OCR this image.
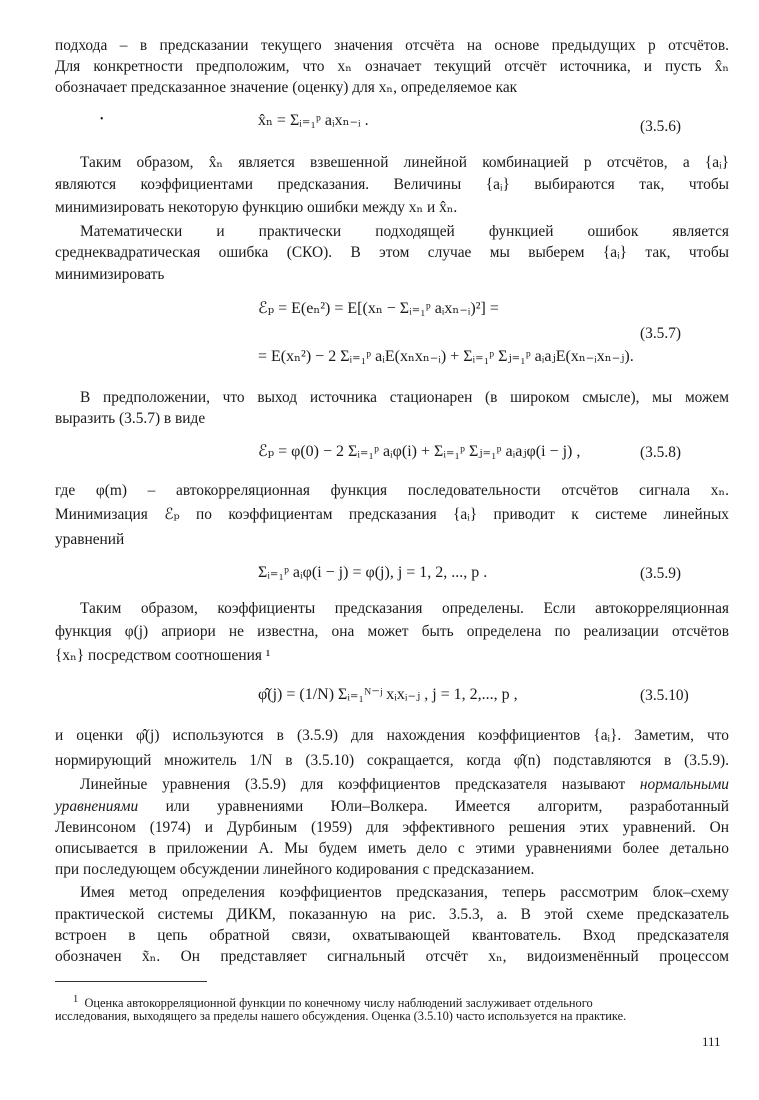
подхода – в предсказании текущего значения отсчёта на основе предыдущих p отсчётов.
Для конкретности предположим, что xₙ означает текущий отсчёт источника, и пусть x̂ₙ
обозначает предсказанное значение (оценку) для xₙ, определяемое как
•	x̂ₙ = Σᵢ₌₁ᵖ aᵢxₙ₋ᵢ .	(3.5.6)
Таким образом, x̂ₙ является взвешенной линейной комбинацией p отсчётов, а {aᵢ}
являются коэффициентами предсказания. Величины {aᵢ} выбираются так, чтобы
минимизировать некоторую функцию ошибки между xₙ и x̂ₙ.
Математически и практически подходящей функцией ошибок является
среднеквадратическая ошибка (СКО). В этом случае мы выберем {aᵢ} так, чтобы
минимизировать
ℰₚ = E(eₙ²) = E[(xₙ − Σᵢ₌₁ᵖ aᵢxₙ₋ᵢ)²] =
= E(xₙ²) − 2 Σᵢ₌₁ᵖ aᵢE(xₙxₙ₋ᵢ) + Σᵢ₌₁ᵖ Σⱼ₌₁ᵖ aᵢaⱼE(xₙ₋ᵢxₙ₋ⱼ).
(3.5.7)
В предположении, что выход источника стационарен (в широком смысле), мы можем
выразить (3.5.7) в виде
ℰₚ = φ(0) − 2 Σᵢ₌₁ᵖ aᵢφ(i) + Σᵢ₌₁ᵖ Σⱼ₌₁ᵖ aᵢaⱼφ(i − j) ,	(3.5.8)
где φ(m) – автокорреляционная функция последовательности отсчётов сигнала xₙ.
Минимизация ℰₚ по коэффициентам предсказания {aᵢ} приводит к системе линейных
уравнений
Σᵢ₌₁ᵖ aᵢφ(i − j) = φ(j), j = 1, 2, ..., p .	(3.5.9)
Таким образом, коэффициенты предсказания определены. Если автокорреляционная
функция φ(j) априори не известна, она может быть определена по реализации отсчётов
{xₙ} посредством соотношения ¹
φ̂(j) = (1/N) Σᵢ₌₁ᴺ⁻ʲ xᵢxᵢ₋ⱼ , j = 1, 2,..., p ,	(3.5.10)
и оценки φ̂(j) используются в (3.5.9) для нахождения коэффициентов {aᵢ}. Заметим, что
нормирующий множитель 1/N в (3.5.10) сокращается, когда φ̂(n) подставляются в (3.5.9).
Линейные уравнения (3.5.9) для коэффициентов предсказателя называют нормальными
уравнениями или уравнениями Юли–Волкера. Имеется алгоритм, разработанный
Левинсоном (1974) и Дурбиным (1959) для эффективного решения этих уравнений. Он
описывается в приложении А. Мы будем иметь дело с этими уравнениями более детально
при последующем обсуждении линейного кодирования с предсказанием.
Имея метод определения коэффициентов предсказания, теперь рассмотрим блок–схему
практической системы ДИКМ, показанную на рис. 3.5.3, а. В этой схеме предсказатель
встроен в цепь обратной связи, охватывающей квантователь. Вход предсказателя
обозначен x̃ₙ. Он представляет сигнальный отсчёт xₙ, видоизменённый процессом
$^1$ Оценка автокорреляционной функции по конечному числу наблюдений заслуживает отдельного
исследования, выходящего за пределы нашего обсуждения. Оценка (3.5.10) часто используется на практике.
111
